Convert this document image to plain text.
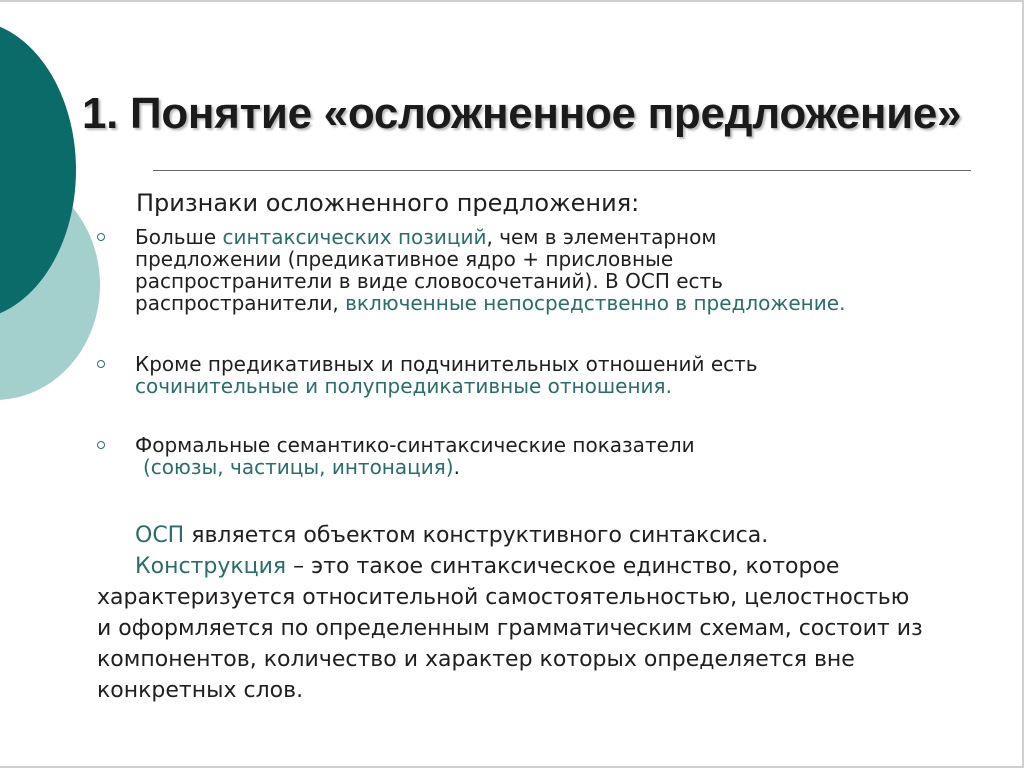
1. Понятие «осложненное предложение»
Признаки осложненного предложения:
Больше синтаксических позиций, чем в элементарном
предложении (предикативное ядро + присловные
распространители в виде словосочетаний). В ОСП есть
распространители, включенные непосредственно в предложение.
Кроме предикативных и подчинительных отношений есть
сочинительные и полупредикативные отношения.
Формальные семантико-синтаксические показатели
(союзы, частицы, интонация).
ОСП является объектом конструктивного синтаксиса.
Конструкция – это такое синтаксическое единство, которое
характеризуется относительной самостоятельностью, целостностью
и оформляется по определенным грамматическим схемам, состоит из
компонентов, количество и характер которых определяется вне
конкретных слов.
